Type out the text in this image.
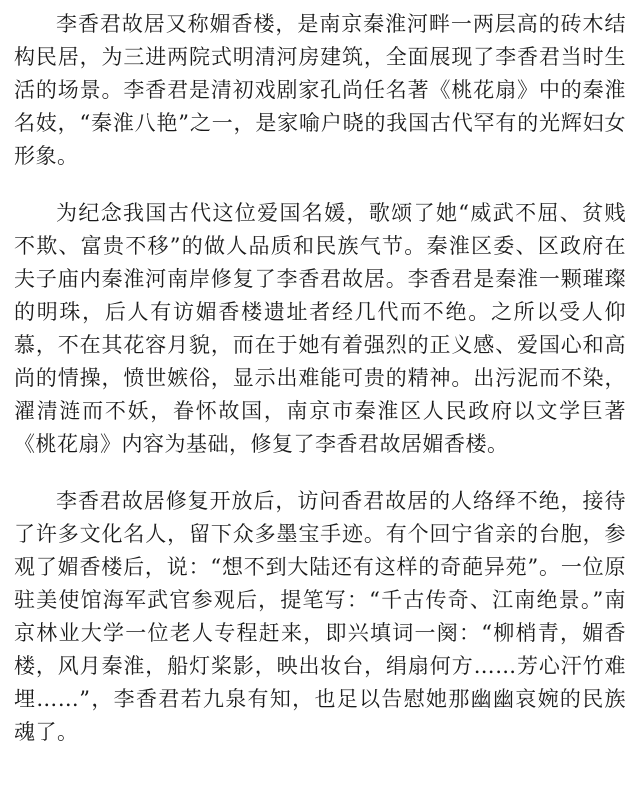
李香君故居又称媚香楼，是南京秦淮河畔一两层高的砖木结构民居，为三进两院式明清河房建筑，全面展现了李香君当时生活的场景。李香君是清初戏剧家孔尚任名著《桃花扇》中的秦淮名妓，“秦淮八艳”之一，是家喻户晓的我国古代罕有的光辉妇女形象。

为纪念我国古代这位爱国名媛，歌颂了她“威武不屈、贫贱不欺、富贵不移”的做人品质和民族气节。秦淮区委、区政府在夫子庙内秦淮河南岸修复了李香君故居。李香君是秦淮一颗璀璨的明珠，后人有访媚香楼遗址者经几代而不绝。之所以受人仰慕，不在其花容月貌，而在于她有着强烈的正义感、爱国心和高尚的情操，愤世嫉俗，显示出难能可贵的精神。出污泥而不染，濯清涟而不妖，眷怀故国，南京市秦淮区人民政府以文学巨著《桃花扇》内容为基础，修复了李香君故居媚香楼。

李香君故居修复开放后，访问香君故居的人络绎不绝，接待了许多文化名人，留下众多墨宝手迹。有个回宁省亲的台胞，参观了媚香楼后，说：“想不到大陆还有这样的奇葩异苑”。一位原驻美使馆海军武官参观后，提笔写：“千古传奇、江南绝景。”南京林业大学一位老人专程赶来，即兴填词一阕：“柳梢青，媚香楼，风月秦淮，船灯桨影，映出妆台，绢扇何方……芳心汗竹难埋……”，李香君若九泉有知，也足以告慰她那幽幽哀婉的民族魂了。
